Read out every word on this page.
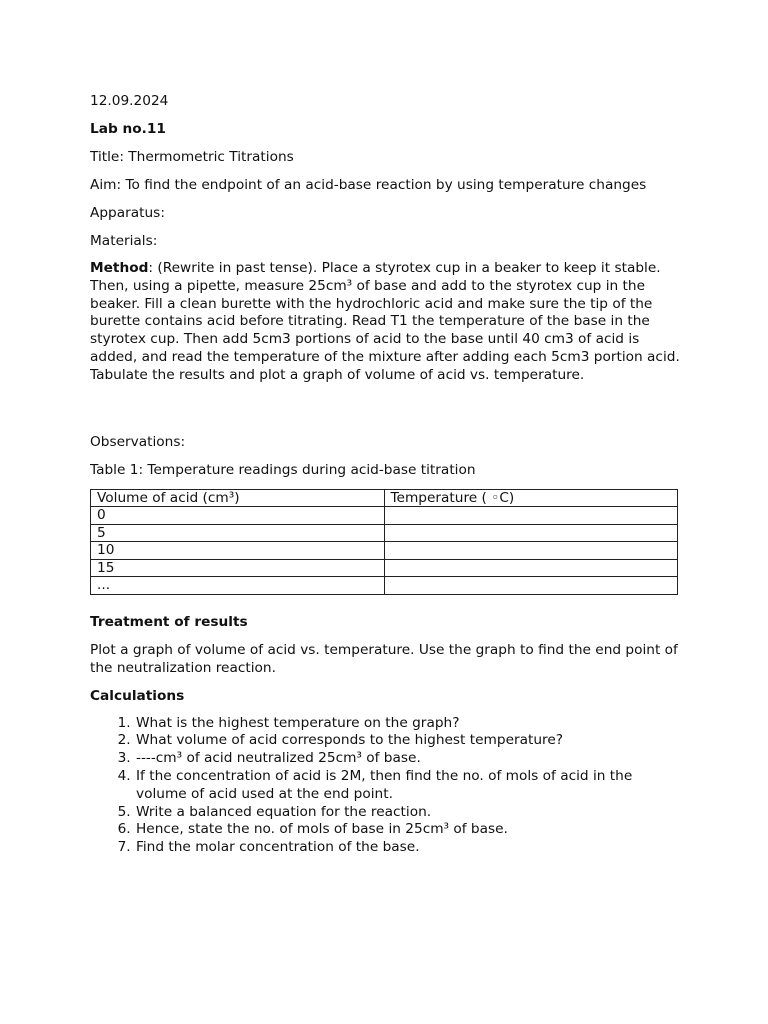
12.09.2024

Lab no.11

Title: Thermometric Titrations

Aim: To find the endpoint of an acid-base reaction by using temperature changes

Apparatus:

Materials:

Method: (Rewrite in past tense). Place a styrotex cup in a beaker to keep it stable. Then, using a pipette, measure 25cm³ of base and add to the styrotex cup in the beaker. Fill a clean burette with the hydrochloric acid and make sure the tip of the burette contains acid before titrating. Read T1 the temperature of the base in the styrotex cup. Then add 5cm3 portions of acid to the base until 40 cm3 of acid is added, and read the temperature of the mixture after adding each 5cm3 portion acid. Tabulate the results and plot a graph of volume of acid vs. temperature.

Observations:

Table 1: Temperature readings during acid-base titration

Volume of acid (cm³)	Temperature ( ◦C)
0	
5	
10	
15	
...	

Treatment of results

Plot a graph of volume of acid vs. temperature. Use the graph to find the end point of the neutralization reaction.

Calculations

1. What is the highest temperature on the graph?
2. What volume of acid corresponds to the highest temperature?
3. ----cm³ of acid neutralized 25cm³ of base.
4. If the concentration of acid is 2M, then find the no. of mols of acid in the volume of acid used at the end point.
5. Write a balanced equation for the reaction.
6. Hence, state the no. of mols of base in 25cm³ of base.
7. Find the molar concentration of the base.
